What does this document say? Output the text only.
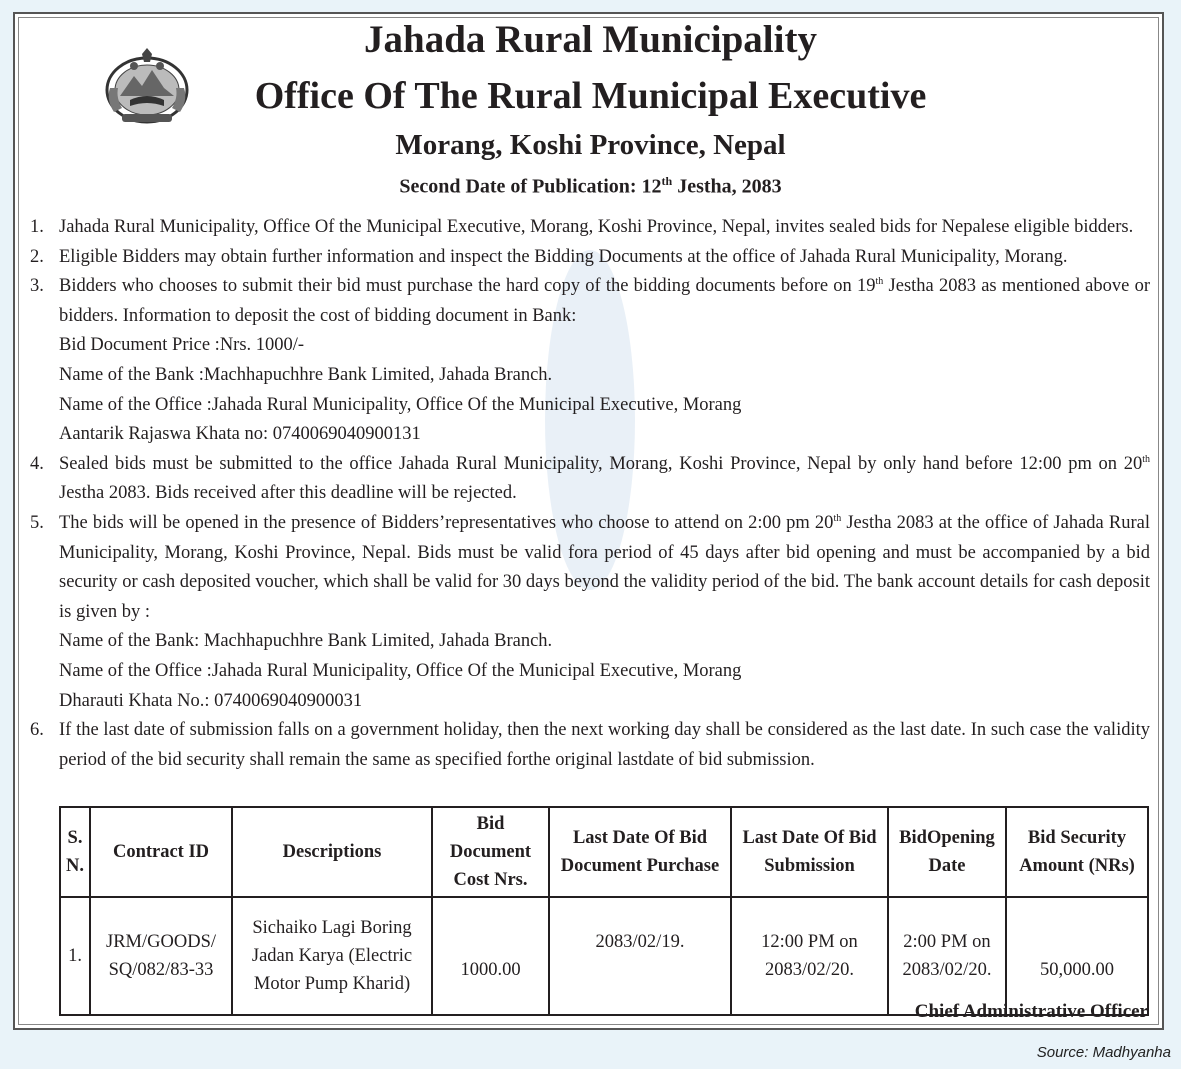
Jahada Rural Municipality
Office Of The Rural Municipal Executive
Morang, Koshi Province, Nepal
Second Date of Publication: 12th Jestha, 2083
1. Jahada Rural Municipality, Office Of the Municipal Executive, Morang, Koshi Province, Nepal, invites sealed bids for Nepalese eligible bidders.
2. Eligible Bidders may obtain further information and inspect the Bidding Documents at the office of Jahada Rural Municipality, Morang.
3. Bidders who chooses to submit their bid must purchase the hard copy of the bidding documents before on 19th Jestha 2083 as mentioned above or bidders. Information to deposit the cost of bidding document in Bank:
Bid Document Price :Nrs. 1000/-
Name of the Bank :Machhapuchhre Bank Limited, Jahada Branch.
Name of the Office :Jahada Rural Municipality, Office Of the Municipal Executive, Morang
Aantarik Rajaswa Khata no: 0740069040900131
4. Sealed bids must be submitted to the office Jahada Rural Municipality, Morang, Koshi Province, Nepal by only hand before 12:00 pm on 20th Jestha 2083. Bids received after this deadline will be rejected.
5. The bids will be opened in the presence of Bidders’representatives who choose to attend on 2:00 pm 20th Jestha 2083 at the office of Jahada Rural Municipality, Morang, Koshi Province, Nepal. Bids must be valid fora period of 45 days after bid opening and must be accompanied by a bid security or cash deposited voucher, which shall be valid for 30 days beyond the validity period of the bid. The bank account details for cash deposit is given by :
Name of the Bank: Machhapuchhre Bank Limited, Jahada Branch.
Name of the Office :Jahada Rural Municipality, Office Of the Municipal Executive, Morang
Dharauti Khata No.: 0740069040900031
6. If the last date of submission falls on a government holiday, then the next working day shall be considered as the last date. In such case the validity period of the bid security shall remain the same as specified forthe original lastdate of bid submission.
S. N.	Contract ID	Descriptions	Bid Document Cost Nrs.	Last Date Of Bid Document Purchase	Last Date Of Bid Submission	BidOpening Date	Bid Security Amount (NRs)
1.	JRM/GOODS/ SQ/082/83-33	Sichaiko Lagi Boring Jadan Karya (Electric Motor Pump Kharid)	1000.00	2083/02/19.	12:00 PM on 2083/02/20.	2:00 PM on 2083/02/20.	50,000.00
Chief Administrative Officer
Source: Madhyanha
